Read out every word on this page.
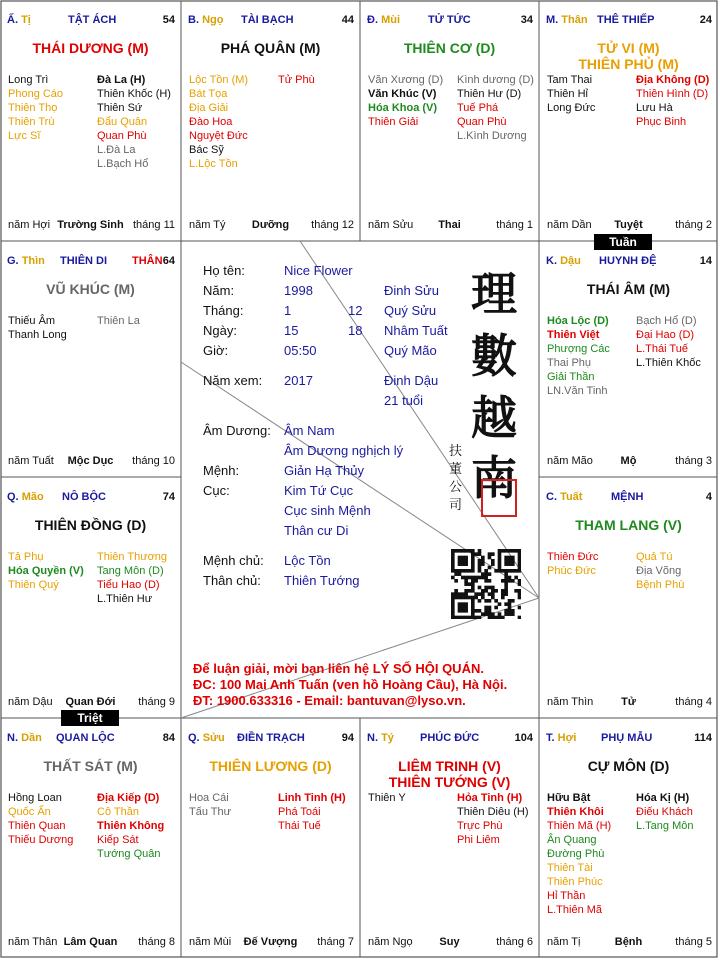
Ấ. Tị	TẬT ÁCH	54
THÁI DƯƠNG (M)
Long Trì
Phong Cáo
Thiên Thọ
Thiên Trù
Lực Sĩ
Đà La (H)
Thiên Khốc (H)
Thiên Sứ
Đẩu Quân
Quan Phù
L.Đà La
L.Bạch Hổ
năm Hợi Trường Sinh tháng 11
B. Ngọ TÀI BẠCH	44
PHÁ QUÂN (M)
Lộc Tồn (M)
Bát Tọa
Địa Giải
Đào Hoa
Nguyệt Đức
Bác Sỹ
L.Lộc Tồn
Tử Phù
năm Tý	Dưỡng	tháng 12
Đ. Mùi	TỬ TỨC	34
THIÊN CƠ (D)
Văn Xương (D)
Văn Khúc (V)
Hóa Khoa (V)
Thiên Giải
Kình dương (D)
Thiên Hư (D)
Tuế Phá
Quan Phù
L.Kình Dương
năm Sửu	Thai	tháng 1
M. Thân THÊ THIẾP	24
TỬ VI (M)
THIÊN PHỦ (M)
Tam Thai
Thiên Hỉ
Long Đức
Địa Không (D)
Thiên Hình (D)
Lưu Hà
Phục Binh
năm Dần	Tuyệt	tháng 2
G. Thìn THIÊN DI THÂN 64
VŨ KHÚC (M)
Thiếu Âm
Thanh Long
Thiên La
năm Tuất	Mộc Dục	tháng 10
K. Dậu HUYNH ĐỆ	14
THÁI ÂM (M)
Hóa Lộc (D)
Thiên Việt
Phượng Các
Thai Phụ
Giải Thần
LN.Văn Tinh
Bạch Hổ (D)
Đại Hao (D)
L.Thái Tuế
L.Thiên Khốc
năm Mão	Mộ	tháng 3
Q. Mão NÔ BỘC	74
THIÊN ĐỒNG (D)
Tả Phụ
Hóa Quyền (V)
Thiên Quý
Thiên Thương
Tang Môn (D)
Tiểu Hao (D)
L.Thiên Hư
năm Dậu	Quan Đới	tháng 9
C. Tuất	MỆNH	4
THAM LANG (V)
Thiên Đức
Phúc Đức
Quả Tú
Địa Võng
Bệnh Phù
năm Thìn	Tử	tháng 4
N. Dần QUAN LỘC	84
THẤT SÁT (M)
Hồng Loan
Quốc Ấn
Thiên Quan
Thiếu Dương
Địa Kiếp (D)
Cô Thần
Thiên Không
Kiếp Sát
Tướng Quân
năm Thân Lâm Quan	tháng 8
Q. Sửu ĐIỀN TRẠCH	94
THIÊN LƯƠNG (D)
Hoa Cái
Tấu Thư
Linh Tinh (H)
Phá Toái
Thái Tuế
năm Mùi	Đế Vượng	tháng 7
N. Tý PHÚC ĐỨC	104
LIÊM TRINH (V)
THIÊN TƯỚNG (V)
Thiên Y	Hỏa Tinh (H)
Thiên Diêu (H)
Trực Phù
Phi Liêm
năm Ngọ	Suy	tháng 6
T. Hợi PHỤ MẪU	114
CỰ MÔN (D)
Hữu Bật
Thiên Khôi
Thiên Mã (H)
Ân Quang
Đường Phù
Thiên Tài
Thiên Phúc
Hỉ Thần
L.Thiên Mã
Hóa Kị (H)
Điếu Khách
L.Tang Môn
năm Tị	Bệnh	tháng 5
Tuần
Triệt
Họ tên:	Nice Flower
Năm:	1998	Đinh Sửu
Tháng:	1	12 Quý Sửu
Ngày:	15	18 Nhâm Tuất
Giờ:	05:50	Quý Mão
Năm xem: 2017	Đinh Dậu
21 tuổi
Âm Dương: Âm Nam
Âm Dương nghịch lý
Mệnh:	Giản Hạ Thủy
Cục:	Kim Tứ Cục
Cục sinh Mệnh
Thân cư Di
Mệnh chủ: Lộc Tồn
Thân chủ: Thiên Tướng
理
數
越
南
扶
董
公
司
Để luận giải, mời bạn liên hệ LÝ SỐ HỘI QUÁN.
ĐC: 100 Mai Anh Tuấn (ven hồ Hoàng Cầu), Hà Nội.
ĐT: 1900.633316 - Email: bantuvan@lyso.vn.
